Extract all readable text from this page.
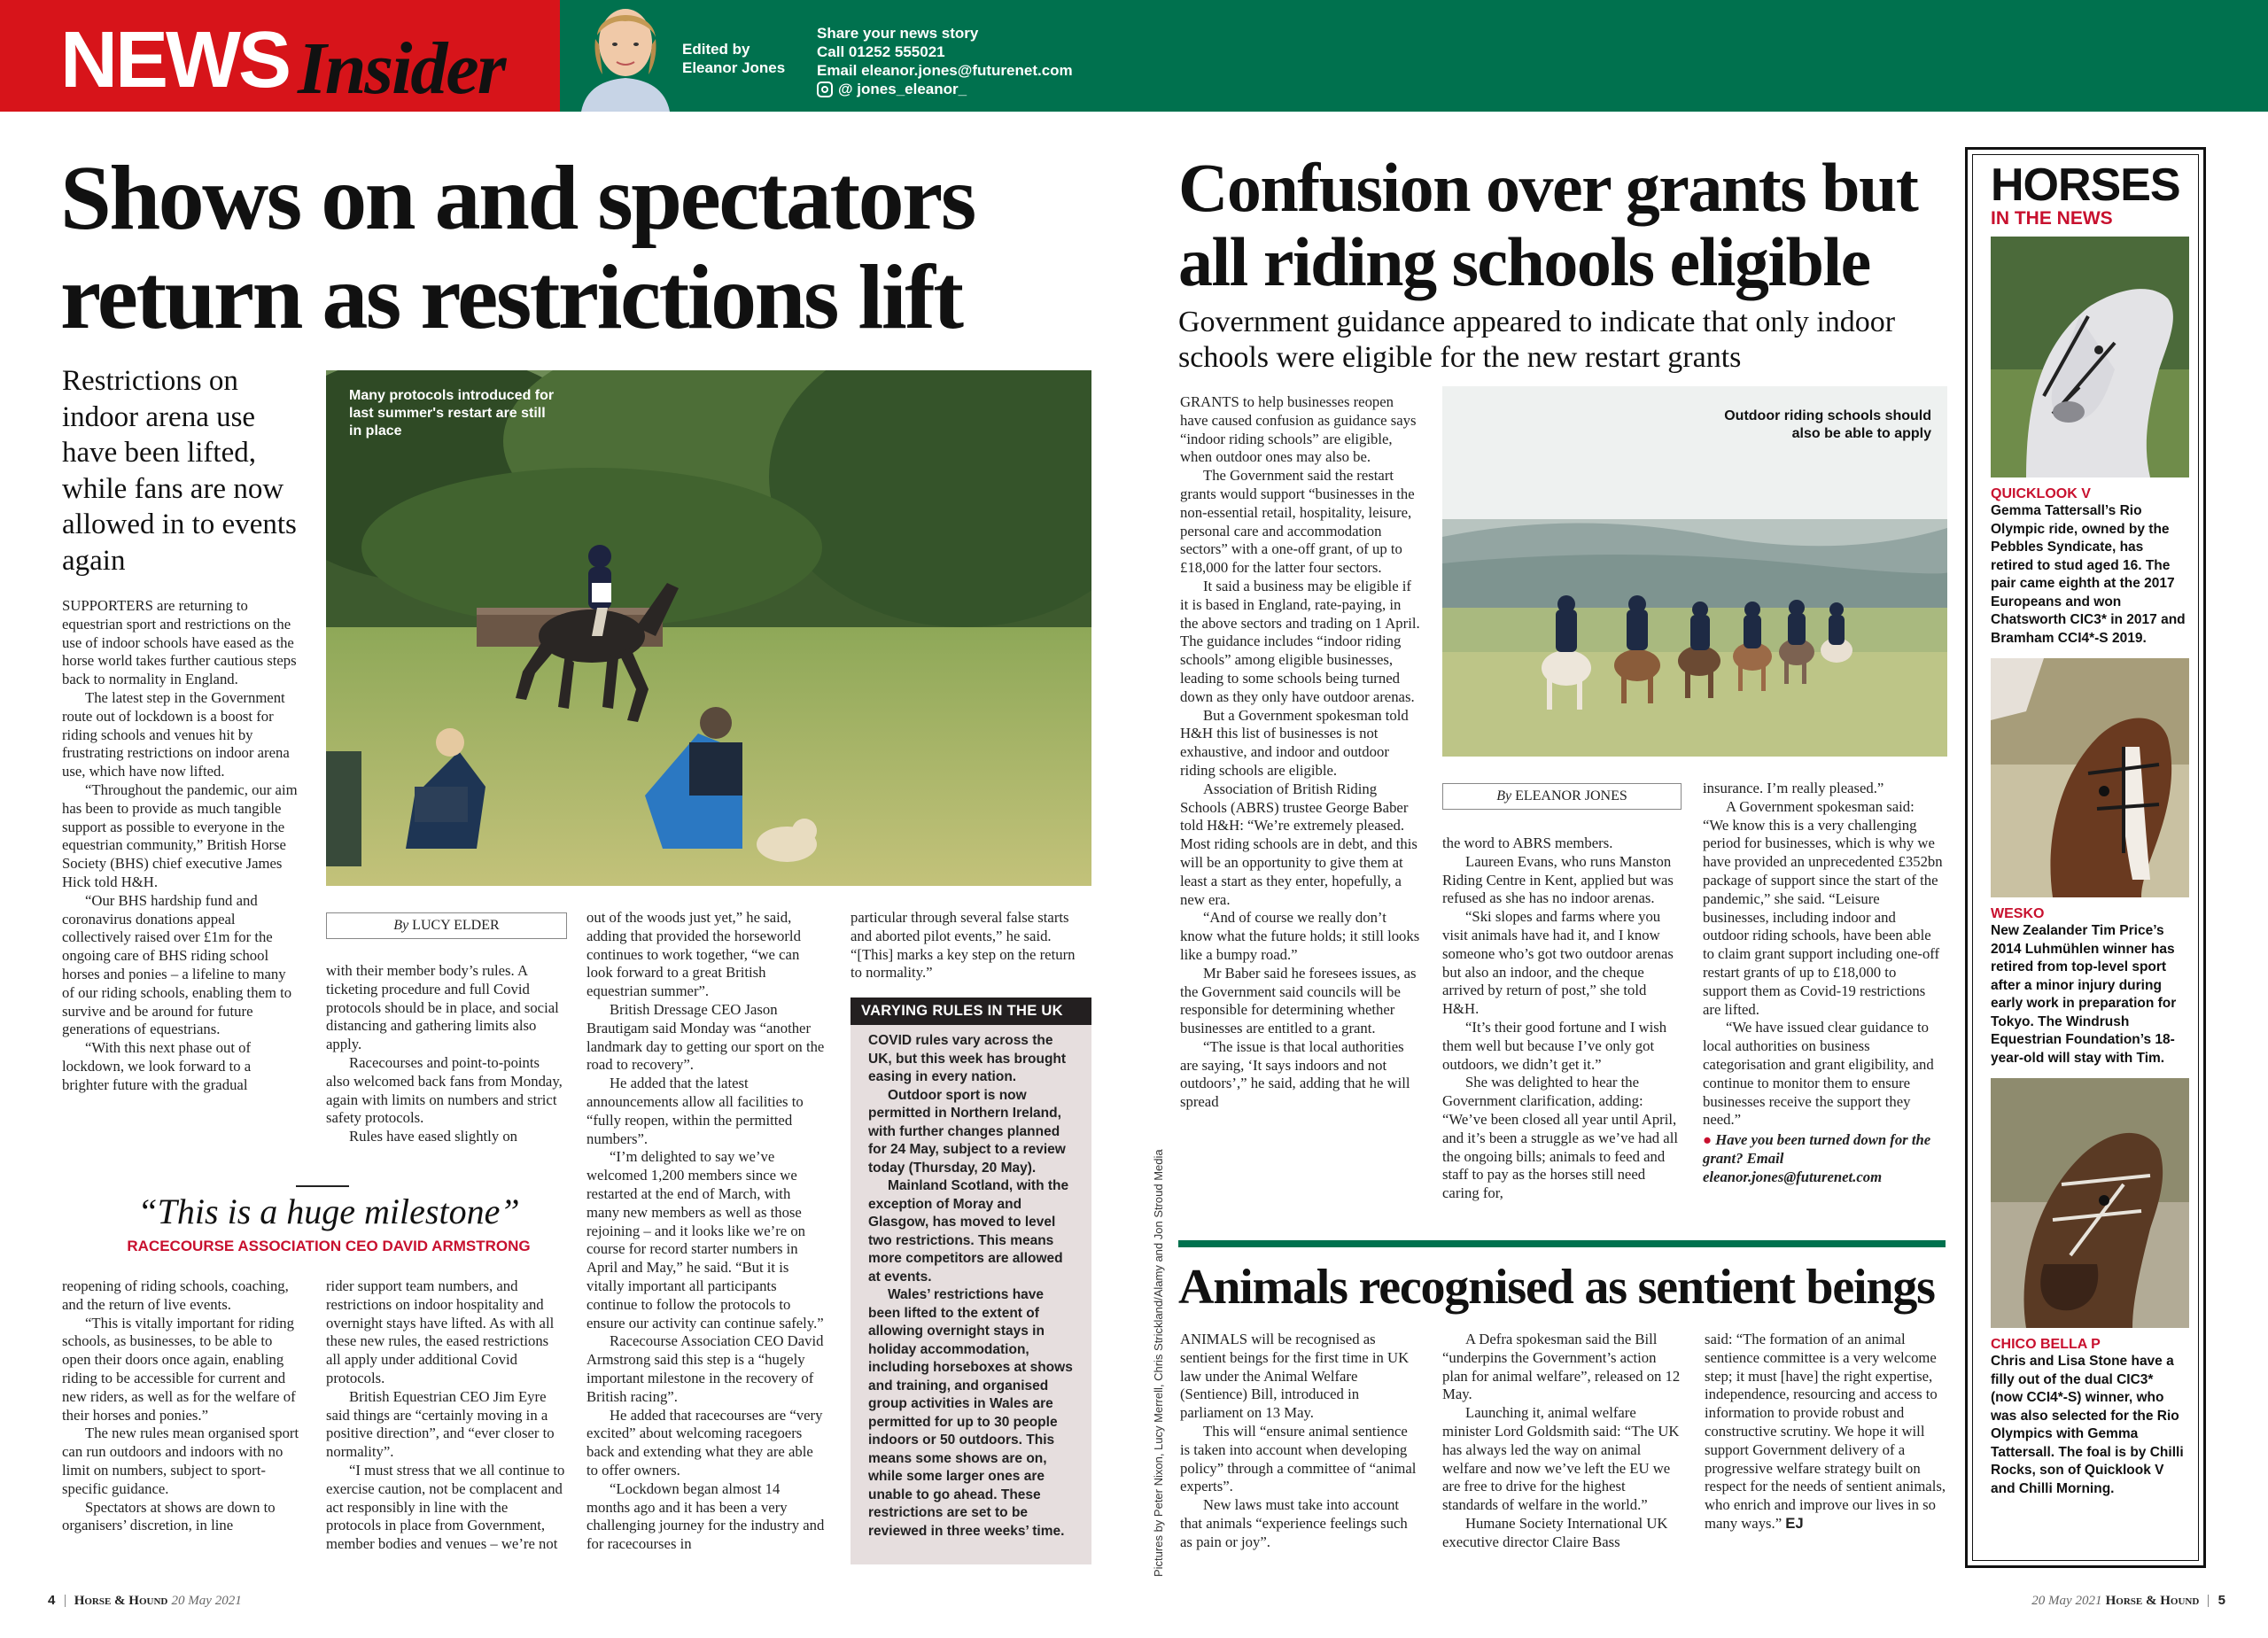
NEWS Insider	Edited by
Eleanor Jones
Share your news story
Call 01252 555021
Email eleanor.jones@futurenet.com
@ jones_eleanor_
Shows on and spectators return as restrictions lift
Restrictions on indoor arena use have been lifted, while fans are now allowed in to events again
Many protocols introduced for last summer's restart are still in place

SUPPORTERS are returning to equestrian sport and restrictions on the use of indoor schools have eased as the horse world takes further cautious steps back to normality in England.

The latest step in the Government route out of lockdown is a boost for riding schools and venues hit by frustrating restrictions on indoor arena use, which have now lifted.

“Throughout the pandemic, our aim has been to provide as much tangible support as possible to everyone in the equestrian community,” British Horse Society (BHS) chief executive James Hick told H&H.

“Our BHS hardship fund and coronavirus donations appeal collectively raised over £1m for the ongoing care of BHS riding school horses and ponies – a lifeline to many of our riding schools, enabling them to survive and be around for future generations of equestrians.

“With this next phase out of lockdown, we look forward to a brighter future with the gradual

By LUCY ELDER

with their member body’s rules. A ticketing procedure and full Covid protocols should be in place, and social distancing and gathering limits also apply.

Racecourses and point-to-points also welcomed back fans from Monday, again with limits on numbers and strict safety protocols.

Rules have eased slightly on

out of the woods just yet,” he said, adding that provided the horseworld continues to work together, “we can look forward to a great British equestrian summer”.

British Dressage CEO Jason Brautigam said Monday was “another landmark day to getting our sport on the road to recovery”.

He added that the latest announcements allow all facilities to “fully reopen, within the permitted numbers”.

“I’m delighted to say we’ve welcomed 1,200 members since we restarted at the end of March, with many new members as well as those rejoining – and it looks like we’re on course for record starter numbers in April and May,” he said. “But it is vitally important all participants continue to follow the protocols to ensure our activity can continue safely.”

Racecourse Association CEO David Armstrong said this step is a “hugely important milestone in the recovery of British racing”.

He added that racecourses are “very excited” about welcoming racegoers back and extending what they are able to offer owners.

“Lockdown began almost 14 months ago and it has been a very challenging journey for the industry and for racecourses in

particular through several false starts and aborted pilot events,” he said. “[This] marks a key step on the return to normality.”

VARYING RULES IN THE UK

COVID rules vary across the UK, but this week has brought easing in every nation.

Outdoor sport is now permitted in Northern Ireland, with further changes planned for 24 May, subject to a review today (Thursday, 20 May).

Mainland Scotland, with the exception of Moray and Glasgow, has moved to level two restrictions. This means more competitors are allowed at events.

Wales’ restrictions have been lifted to the extent of allowing overnight stays in holiday accommodation, including horseboxes at shows and training, and organised group activities in Wales are permitted for up to 30 people indoors or 50 outdoors. This means some shows are on, while some larger ones are unable to go ahead. These restrictions are set to be reviewed in three weeks’ time.

“This is a huge milestone”
RACECOURSE ASSOCIATION CEO DAVID ARMSTRONG

reopening of riding schools, coaching, and the return of live events.

“This is vitally important for riding schools, as businesses, to be able to open their doors once again, enabling riding to be accessible for current and new riders, as well as for the welfare of their horses and ponies.”

The new rules mean organised sport can run outdoors and indoors with no limit on numbers, subject to sport-specific guidance.

Spectators at shows are down to organisers’ discretion, in line

rider support team numbers, and restrictions on indoor hospitality and overnight stays have lifted. As with all these new rules, the eased restrictions all apply under additional Covid protocols.

British Equestrian CEO Jim Eyre said things are “certainly moving in a positive direction”, and “ever closer to normality”.

“I must stress that we all continue to exercise caution, not be complacent and act responsibly in line with the protocols in place from Government, member bodies and venues – we’re not	Pictures by Peter Nixon, Lucy Merrell, Chris Strickland/Alamy and Jon Stroud Media
Confusion over grants but all riding schools eligible
Government guidance appeared to indicate that only indoor schools were eligible for the new restart grants
Outdoor riding schools should also be able to apply

GRANTS to help businesses reopen have caused confusion as guidance says “indoor riding schools” are eligible, when outdoor ones may also be.

The Government said the restart grants would support “businesses in the non-essential retail, hospitality, leisure, personal care and accommodation sectors” with a one-off grant, of up to £18,000 for the latter four sectors.

It said a business may be eligible if it is based in England, rate-paying, in the above sectors and trading on 1 April. The guidance includes “indoor riding schools” among eligible businesses, leading to some schools being turned down as they only have outdoor arenas.

But a Government spokesman told H&H this list of businesses is not exhaustive, and indoor and outdoor riding schools are eligible.

Association of British Riding Schools (ABRS) trustee George Baber told H&H: “We’re extremely pleased. Most riding schools are in debt, and this will be an opportunity to give them at least a start as they enter, hopefully, a new era.

“And of course we really don’t know what the future holds; it still looks like a bumpy road.”

Mr Baber said he foresees issues, as the Government said councils will be responsible for determining whether businesses are entitled to a grant.

“The issue is that local authorities are saying, ‘It says indoors and not outdoors’,” he said, adding that he will spread

By ELEANOR JONES

the word to ABRS members.

Laureen Evans, who runs Manston Riding Centre in Kent, applied but was refused as she has no indoor arenas.

“Ski slopes and farms where you visit animals have had it, and I know someone who’s got two outdoor arenas but also an indoor, and the cheque arrived by return of post,” she told H&H.

“It’s their good fortune and I wish them well but because I’ve only got outdoors, we didn’t get it.”

She was delighted to hear the Government clarification, adding: “We’ve been closed all year until April, and it’s been a struggle as we’ve had all the ongoing bills; animals to feed and staff to pay as the horses still need caring for,

insurance. I’m really pleased.”

A Government spokesman said: “We know this is a very challenging period for businesses, which is why we have provided an unprecedented £352bn package of support since the start of the pandemic,” she said. “Leisure businesses, including indoor and outdoor riding schools, have been able to claim grant support including one-off restart grants of up to £18,000 to support them as Covid-19 restrictions are lifted.

“We have issued clear guidance to local authorities on business categorisation and grant eligibility, and continue to monitor them to ensure businesses receive the support they need.”

● Have you been turned down for the grant? Email eleanor.jones@futurenet.com

Animals recognised as sentient beings

ANIMALS will be recognised as sentient beings for the first time in UK law under the Animal Welfare (Sentience) Bill, introduced in parliament on 13 May.

This will “ensure animal sentience is taken into account when developing policy” through a committee of “animal experts”.

New laws must take into account that animals “experience feelings such as pain or joy”.

A Defra spokesman said the Bill “underpins the Government’s action plan for animal welfare”, released on 12 May.

Launching it, animal welfare minister Lord Goldsmith said: “The UK has always led the way on animal welfare and now we’ve left the EU we are free to drive for the highest standards of welfare in the world.”

Humane Society International UK executive director Claire Bass

said: “The formation of an animal sentience committee is a very welcome step; it must [have] the right expertise, independence, resourcing and access to information to provide robust and constructive scrutiny. We hope it will support Government delivery of a progressive welfare strategy built on respect for the needs of sentient animals, who enrich and improve our lives in so many ways.” EJ

HORSES
IN THE NEWS
QUICKLOOK V
Gemma Tattersall’s Rio Olympic ride, owned by the Pebbles Syndicate, has retired to stud aged 16. The pair came eighth at the 2017 Europeans and won Chatsworth CIC3* in 2017 and Bramham CCI4*-S 2019.
WESKO
New Zealander Tim Price’s 2014 Luhmühlen winner has retired from top-level sport after a minor injury during early work in preparation for Tokyo. The Windrush Equestrian Foundation’s 18-year-old will stay with Tim.
CHICO BELLA P
Chris and Lisa Stone have a filly out of the dual CIC3* (now CCI4*-S) winner, who was also selected for the Rio Olympics with Gemma Tattersall. The foal is by Chilli Rocks, son of Quicklook V and Chilli Morning.
4 Horse & Hound 20 May 2021	20 May 2021 Horse & Hound 5
